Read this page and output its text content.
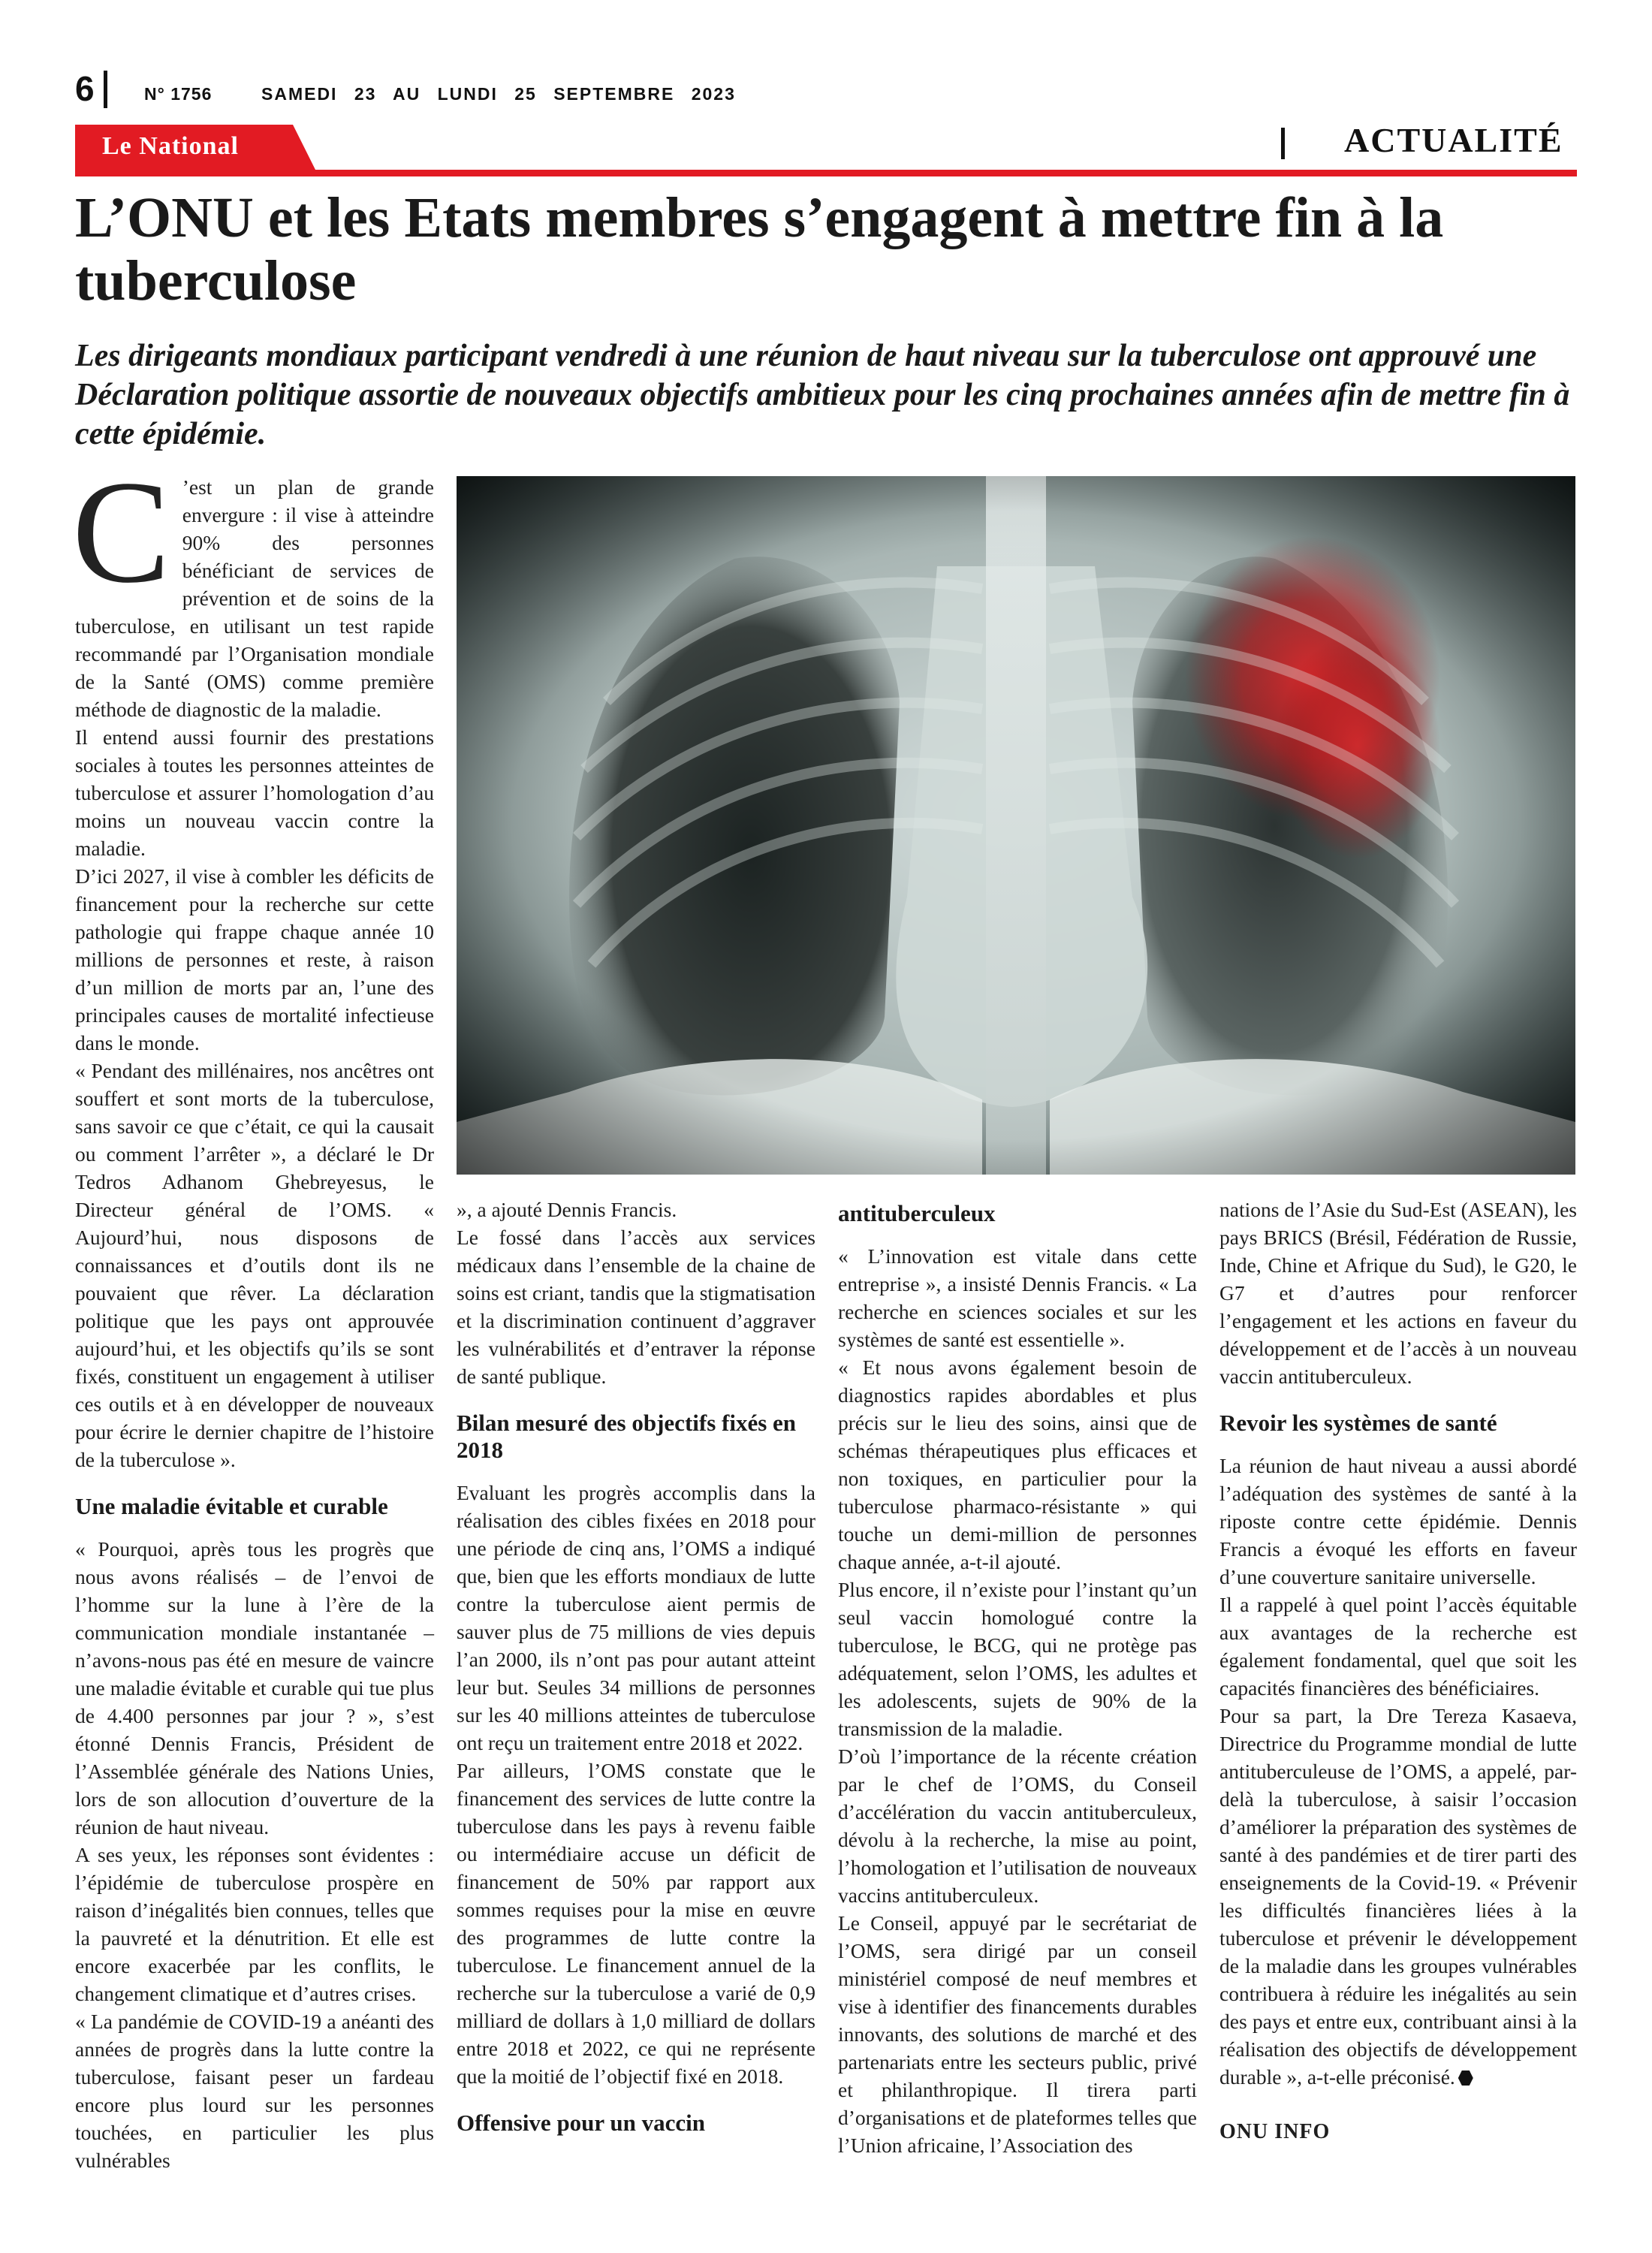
6	N° 1756	SAMEDI 23 AU LUNDI 25 SEPTEMBRE 2023
Le National	ACTUALITÉ
L’ONU et les Etats membres s’engagent à mettre fin à la tuberculose

Les dirigeants mondiaux participant vendredi à une réunion de haut niveau sur la tuberculose ont approuvé une Déclaration politique assortie de nouveaux objectifs ambitieux pour les cinq prochaines années afin de mettre fin à cette épidémie.

C ’est un plan de grande envergure : il vise à atteindre 90% des personnes bénéficiant de services de prévention et de soins de la tuberculose, en utilisant un test rapide recommandé par l’Organisation mondiale de la Santé (OMS) comme première méthode de diagnostic de la maladie.

Il entend aussi fournir des prestations sociales à toutes les personnes atteintes de tuberculose et assurer l’homologation d’au moins un nouveau vaccin contre la maladie.

D’ici 2027, il vise à combler les déficits de financement pour la recherche sur cette pathologie qui frappe chaque année 10 millions de personnes et reste, à raison d’un million de morts par an, l’une des principales causes de mortalité infectieuse dans le monde.

« Pendant des millénaires, nos ancêtres ont souffert et sont morts de la tuberculose, sans savoir ce que c’était, ce qui la causait ou comment l’arrêter », a déclaré le Dr Tedros Adhanom Ghebreyesus, le Directeur général de l’OMS. « Aujourd’hui, nous disposons de connaissances et d’outils dont ils ne pouvaient que rêver. La déclaration politique que les pays ont approuvée aujourd’hui, et les objectifs qu’ils se sont fixés, constituent un engagement à utiliser ces outils et à en développer de nouveaux pour écrire le dernier chapitre de l’histoire de la tuberculose ».

Une maladie évitable et curable

« Pourquoi, après tous les progrès que nous avons réalisés – de l’envoi de l’homme sur la lune à l’ère de la communication mondiale instantanée – n’avons-nous pas été en mesure de vaincre une maladie évitable et curable qui tue plus de 4.400 personnes par jour ? », s’est étonné Dennis Francis, Président de l’Assemblée générale des Nations Unies, lors de son allocution d’ouverture de la réunion de haut niveau.

A ses yeux, les réponses sont évidentes : l’épidémie de tuberculose prospère en raison d’inégalités bien connues, telles que la pauvreté et la dénutrition. Et elle est encore exacerbée par les conflits, le changement climatique et d’autres crises.

« La pandémie de COVID-19 a anéanti des années de progrès dans la lutte contre la tuberculose, faisant peser un fardeau encore plus lourd sur les personnes touchées, en particulier les plus vulnérables

», a ajouté Dennis Francis.

Le fossé dans l’accès aux services médicaux dans l’ensemble de la chaine de soins est criant, tandis que la stigmatisation et la discrimination continuent d’aggraver les vulnérabilités et d’entraver la réponse de santé publique.

Bilan mesuré des objectifs fixés en 2018

Evaluant les progrès accomplis dans la réalisation des cibles fixées en 2018 pour une période de cinq ans, l’OMS a indiqué que, bien que les efforts mondiaux de lutte contre la tuberculose aient permis de sauver plus de 75 millions de vies depuis l’an 2000, ils n’ont pas pour autant atteint leur but. Seules 34 millions de personnes sur les 40 millions atteintes de tuberculose ont reçu un traitement entre 2018 et 2022.

Par ailleurs, l’OMS constate que le financement des services de lutte contre la tuberculose dans les pays à revenu faible ou intermédiaire accuse un déficit de financement de 50% par rapport aux sommes requises pour la mise en œuvre des programmes de lutte contre la tuberculose. Le financement annuel de la recherche sur la tuberculose a varié de 0,9 milliard de dollars à 1,0 milliard de dollars entre 2018 et 2022, ce qui ne représente que la moitié de l’objectif fixé en 2018.

Offensive pour un vaccin
antituberculeux

« L’innovation est vitale dans cette entreprise », a insisté Dennis Francis. « La recherche en sciences sociales et sur les systèmes de santé est essentielle ».

« Et nous avons également besoin de diagnostics rapides abordables et plus précis sur le lieu des soins, ainsi que de schémas thérapeutiques plus efficaces et non toxiques, en particulier pour la tuberculose pharmaco-résistante » qui touche un demi-million de personnes chaque année, a-t-il ajouté.

Plus encore, il n’existe pour l’instant qu’un seul vaccin homologué contre la tuberculose, le BCG, qui ne protège pas adéquatement, selon l’OMS, les adultes et les adolescents, sujets de 90% de la transmission de la maladie.

D’où l’importance de la récente création par le chef de l’OMS, du Conseil d’accélération du vaccin antituberculeux, dévolu à la recherche, la mise au point, l’homologation et l’utilisation de nouveaux vaccins antituberculeux.

Le Conseil, appuyé par le secrétariat de l’OMS, sera dirigé par un conseil ministériel composé de neuf membres et vise à identifier des financements durables innovants, des solutions de marché et des partenariats entre les secteurs public, privé et philanthropique. Il tirera parti d’organisations et de plateformes telles que l’Union africaine, l’Association des

nations de l’Asie du Sud-Est (ASEAN), les pays BRICS (Brésil, Fédération de Russie, Inde, Chine et Afrique du Sud), le G20, le G7 et d’autres pour renforcer l’engagement et les actions en faveur du développement et de l’accès à un nouveau vaccin antituberculeux.

Revoir les systèmes de santé

La réunion de haut niveau a aussi abordé l’adéquation des systèmes de santé à la riposte contre cette épidémie. Dennis Francis a évoqué les efforts en faveur d’une couverture sanitaire universelle.

Il a rappelé à quel point l’accès équitable aux avantages de la recherche est également fondamental, quel que soit les capacités financières des bénéficiaires.

Pour sa part, la Dre Tereza Kasaeva, Directrice du Programme mondial de lutte antituberculeuse de l’OMS, a appelé, par-delà la tuberculose, à saisir l’occasion d’améliorer la préparation des systèmes de santé à des pandémies et de tirer parti des enseignements de la Covid-19. « Prévenir les difficultés financières liées à la tuberculose et prévenir le développement de la maladie dans les groupes vulnérables contribuera à réduire les inégalités au sein des pays et entre eux, contribuant ainsi à la réalisation des objectifs de développement durable », a-t-elle préconisé.

ONU INFO
